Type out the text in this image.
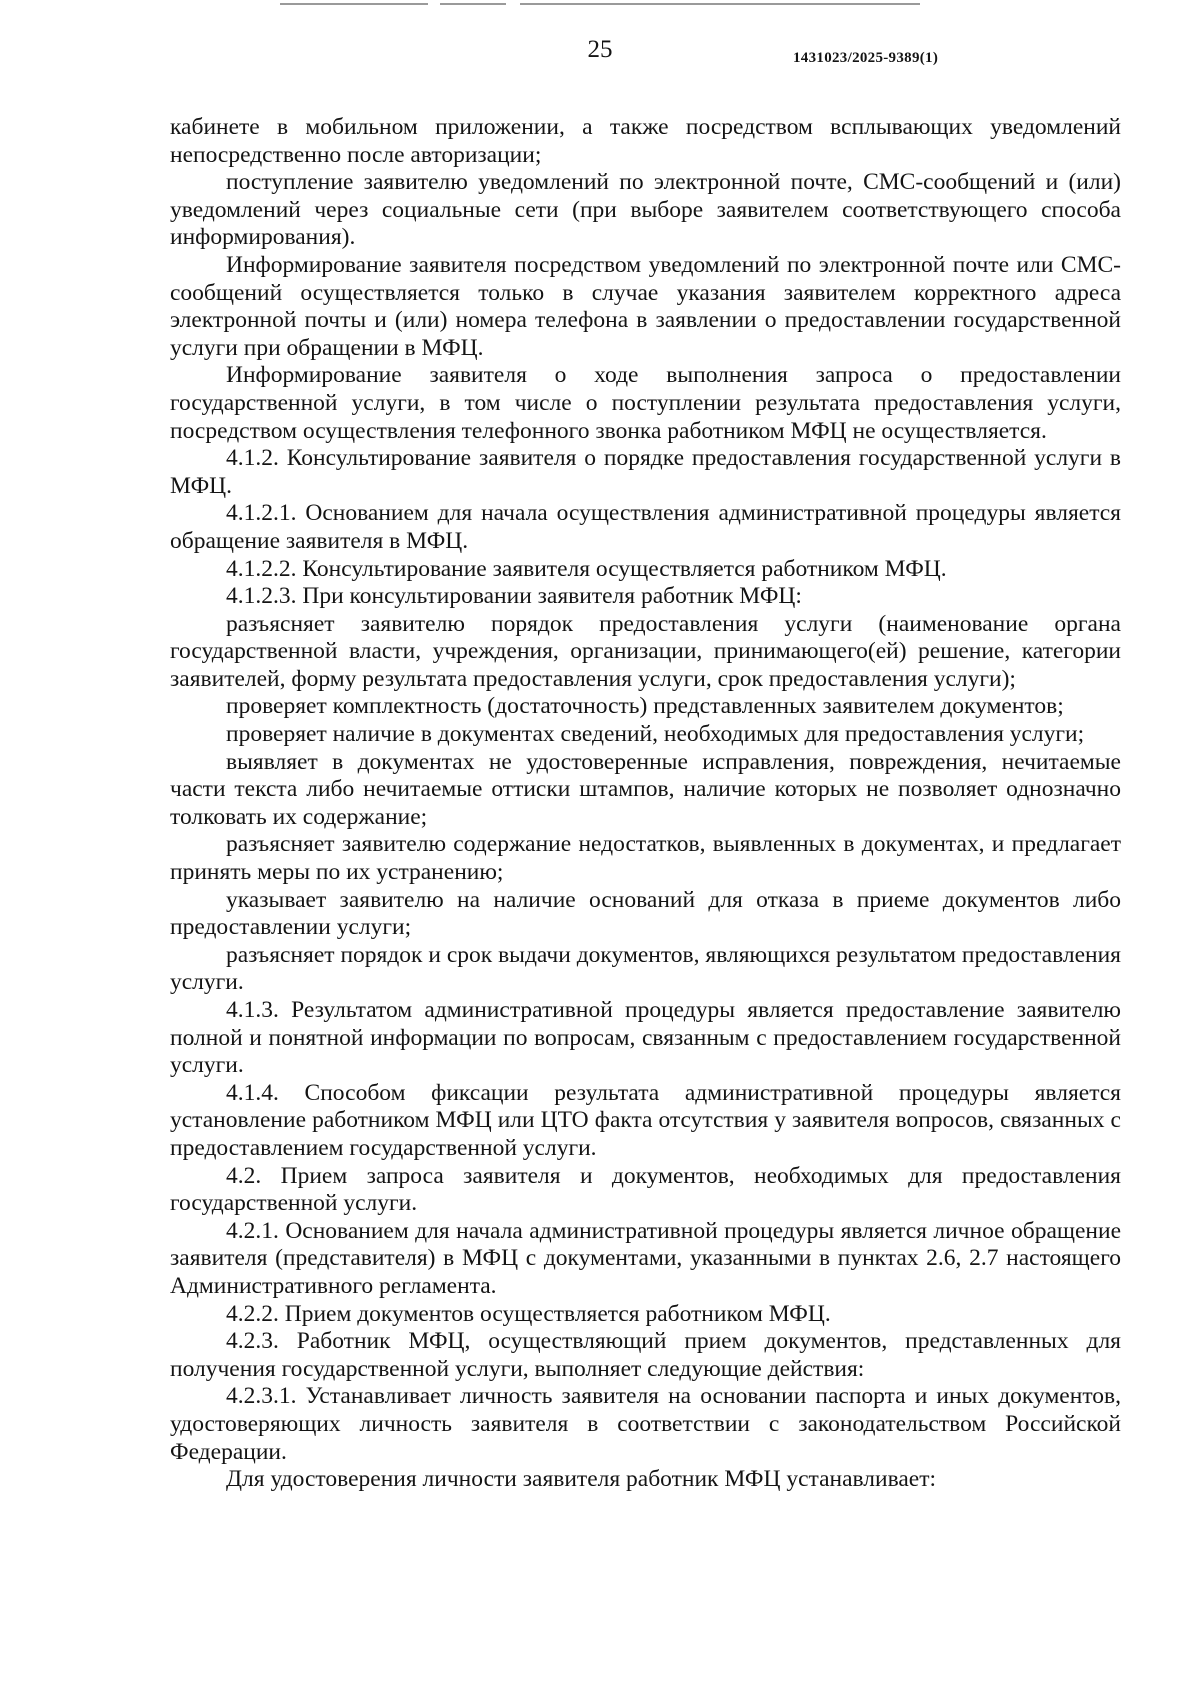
25	1431023/2025-9389(1)

кабинете в мобильном приложении, а также посредством всплывающих уведомлений непосредственно после авторизации;

поступление заявителю уведомлений по электронной почте, СМС-сообщений и (или) уведомлений через социальные сети (при выборе заявителем соответствующего способа информирования).

Информирование заявителя посредством уведомлений по электронной почте или СМС-сообщений осуществляется только в случае указания заявителем корректного адреса электронной почты и (или) номера телефона в заявлении о предоставлении государственной услуги при обращении в МФЦ.

Информирование заявителя о ходе выполнения запроса о предоставлении государственной услуги, в том числе о поступлении результата предоставления услуги, посредством осуществления телефонного звонка работником МФЦ не осуществляется.

4.1.2. Консультирование заявителя о порядке предоставления государственной услуги в МФЦ.

4.1.2.1. Основанием для начала осуществления административной процедуры является обращение заявителя в МФЦ.

4.1.2.2. Консультирование заявителя осуществляется работником МФЦ.

4.1.2.3. При консультировании заявителя работник МФЦ:

разъясняет заявителю порядок предоставления услуги (наименование органа государственной власти, учреждения, организации, принимающего(ей) решение, категории заявителей, форму результата предоставления услуги, срок предоставления услуги);

проверяет комплектность (достаточность) представленных заявителем документов;

проверяет наличие в документах сведений, необходимых для предоставления услуги;

выявляет в документах не удостоверенные исправления, повреждения, нечитаемые части текста либо нечитаемые оттиски штампов, наличие которых не позволяет однозначно толковать их содержание;

разъясняет заявителю содержание недостатков, выявленных в документах, и предлагает принять меры по их устранению;

указывает заявителю на наличие оснований для отказа в приеме документов либо предоставлении услуги;

разъясняет порядок и срок выдачи документов, являющихся результатом предоставления услуги.

4.1.3. Результатом административной процедуры является предоставление заявителю полной и понятной информации по вопросам, связанным с предоставлением государственной услуги.

4.1.4. Способом фиксации результата административной процедуры является установление работником МФЦ или ЦТО факта отсутствия у заявителя вопросов, связанных с предоставлением государственной услуги.

4.2. Прием запроса заявителя и документов, необходимых для предоставления государственной услуги.

4.2.1. Основанием для начала административной процедуры является личное обращение заявителя (представителя) в МФЦ с документами, указанными в пунктах 2.6, 2.7 настоящего Административного регламента.

4.2.2. Прием документов осуществляется работником МФЦ.

4.2.3. Работник МФЦ, осуществляющий прием документов, представленных для получения государственной услуги, выполняет следующие действия:

4.2.3.1. Устанавливает личность заявителя на основании паспорта и иных документов, удостоверяющих личность заявителя в соответствии с законодательством Российской Федерации.

Для удостоверения личности заявителя работник МФЦ устанавливает:
